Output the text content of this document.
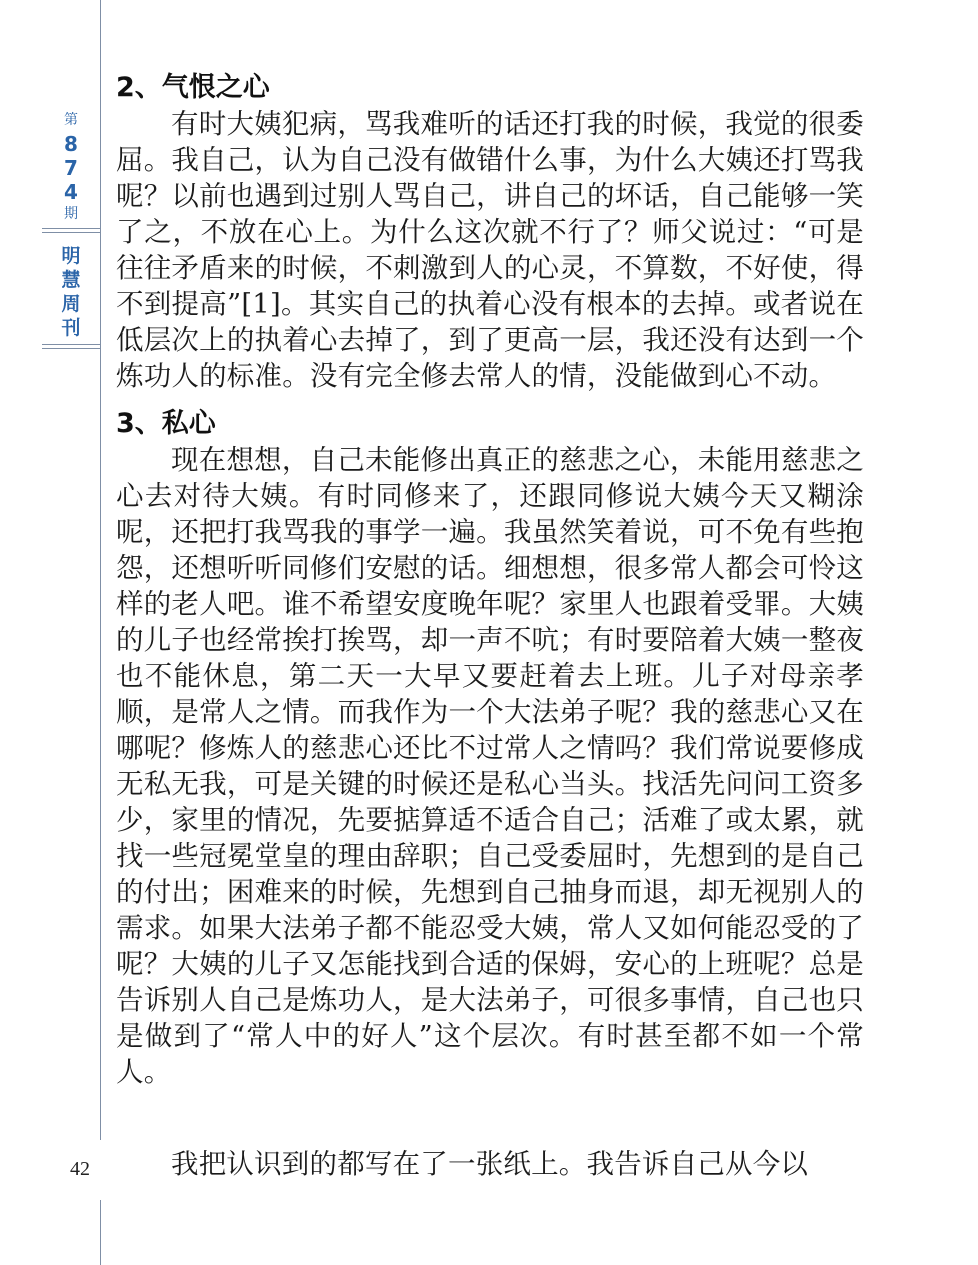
第
8
7
4
期
明
慧
周
刊
42
2、气恨之心

有时大姨犯病，骂我难听的话还打我的时候，我觉的很委屈。我自己，认为自己没有做错什么事，为什么大姨还打骂我呢？以前也遇到过别人骂自己，讲自己的坏话，自己能够一笑了之，不放在心上。为什么这次就不行了？师父说过：“可是往往矛盾来的时候，不刺激到人的心灵，不算数，不好使，得不到提高”[1]。其实自己的执着心没有根本的去掉。或者说在低层次上的执着心去掉了，到了更高一层，我还没有达到一个炼功人的标准。没有完全修去常人的情，没能做到心不动。

3、私心

现在想想，自己未能修出真正的慈悲之心，未能用慈悲之心去对待大姨。有时同修来了，还跟同修说大姨今天又糊涂呢，还把打我骂我的事学一遍。我虽然笑着说，可不免有些抱怨，还想听听同修们安慰的话。细想想，很多常人都会可怜这样的老人吧。谁不希望安度晚年呢？家里人也跟着受罪。大姨的儿子也经常挨打挨骂，却一声不吭；有时要陪着大姨一整夜也不能休息，第二天一大早又要赶着去上班。儿子对母亲孝顺，是常人之情。而我作为一个大法弟子呢？我的慈悲心又在哪呢？修炼人的慈悲心还比不过常人之情吗？我们常说要修成无私无我，可是关键的时候还是私心当头。找活先问问工资多少，家里的情况，先要掂算适不适合自己；活难了或太累，就找一些冠冕堂皇的理由辞职；自己受委屈时，先想到的是自己的付出；困难来的时候，先想到自己抽身而退，却无视别人的需求。如果大法弟子都不能忍受大姨，常人又如何能忍受的了呢？大姨的儿子又怎能找到合适的保姆，安心的上班呢？总是告诉别人自己是炼功人，是大法弟子，可很多事情，自己也只是做到了“常人中的好人”这个层次。有时甚至都不如一个常人。

我把认识到的都写在了一张纸上。我告诉自己从今以
